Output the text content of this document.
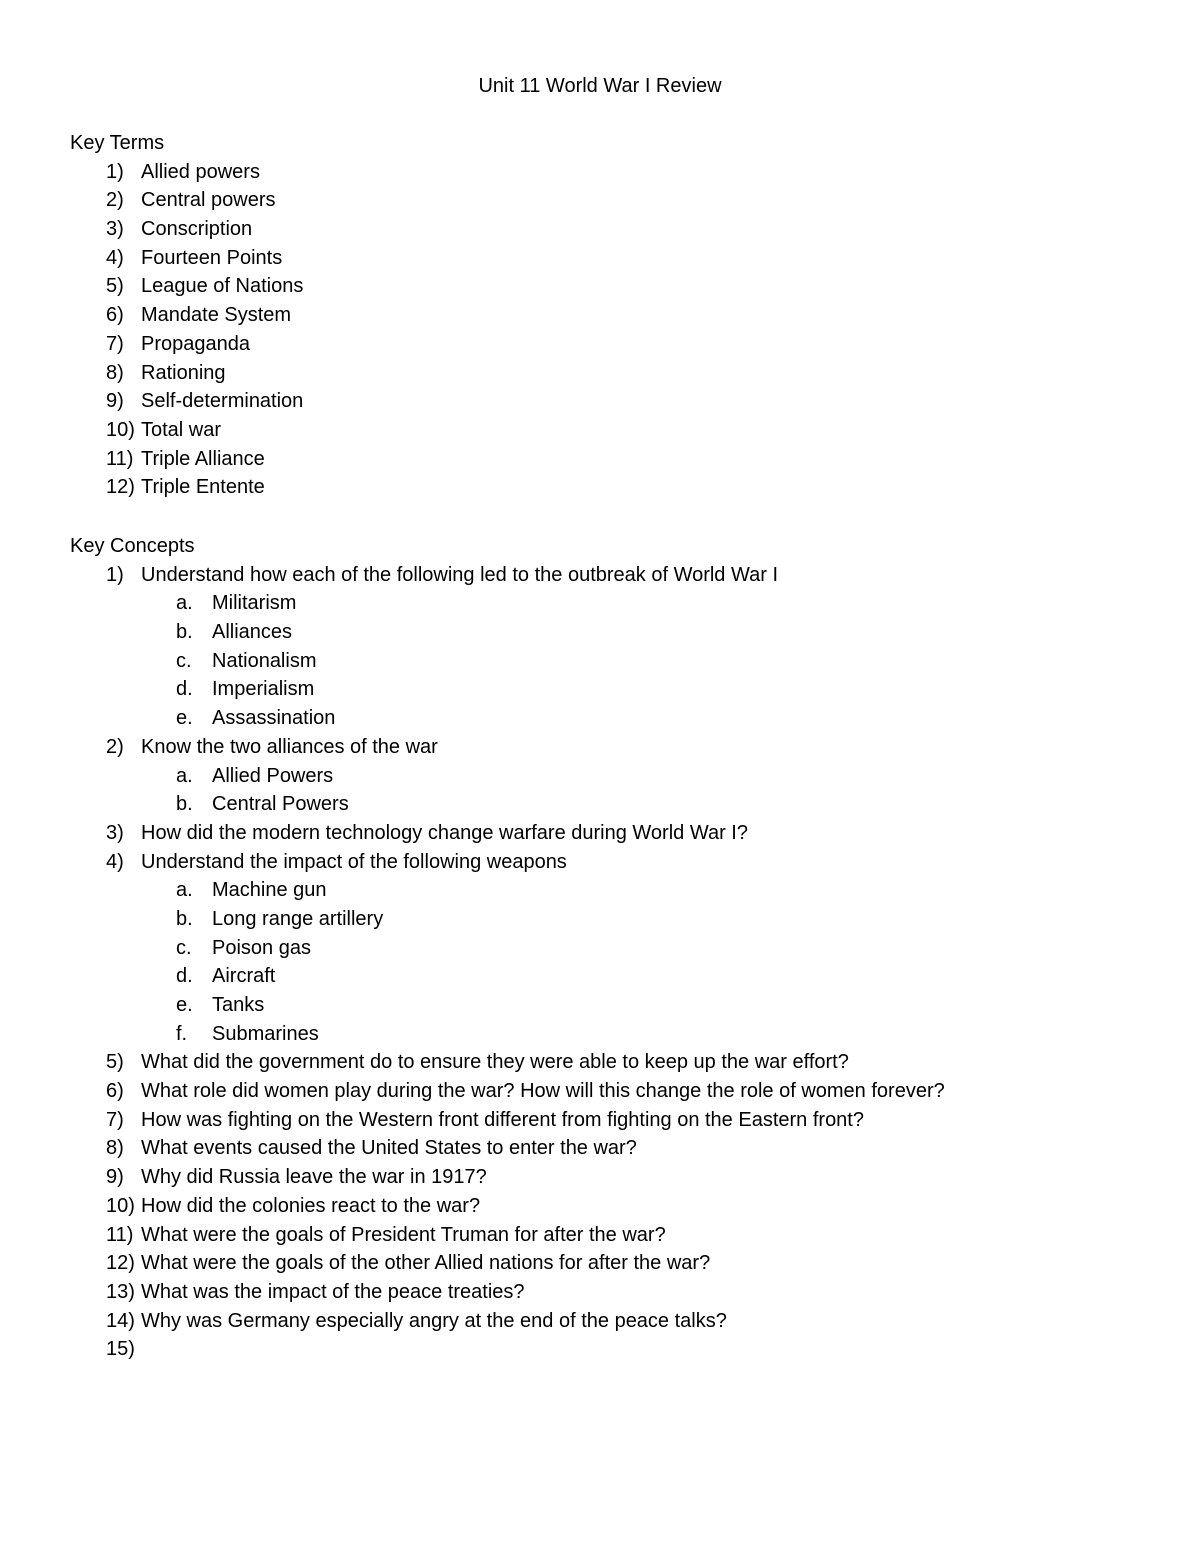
Unit 11 World War I Review
Key Terms
1) Allied powers
2) Central powers
3) Conscription
4) Fourteen Points
5) League of Nations
6) Mandate System
7) Propaganda
8) Rationing
9) Self-determination
10) Total war
11) Triple Alliance
12) Triple Entente
Key Concepts
1) Understand how each of the following led to the outbreak of World War I
a. Militarism
b. Alliances
c. Nationalism
d. Imperialism
e. Assassination
2) Know the two alliances of the war
a. Allied Powers
b. Central Powers
3) How did the modern technology change warfare during World War I?
4) Understand the impact of the following weapons
a. Machine gun
b. Long range artillery
c. Poison gas
d. Aircraft
e. Tanks
f. Submarines
5) What did the government do to ensure they were able to keep up the war effort?
6) What role did women play during the war? How will this change the role of women forever?
7) How was fighting on the Western front different from fighting on the Eastern front?
8) What events caused the United States to enter the war?
9) Why did Russia leave the war in 1917?
10) How did the colonies react to the war?
11) What were the goals of President Truman for after the war?
12) What were the goals of the other Allied nations for after the war?
13) What was the impact of the peace treaties?
14) Why was Germany especially angry at the end of the peace talks?
15)
